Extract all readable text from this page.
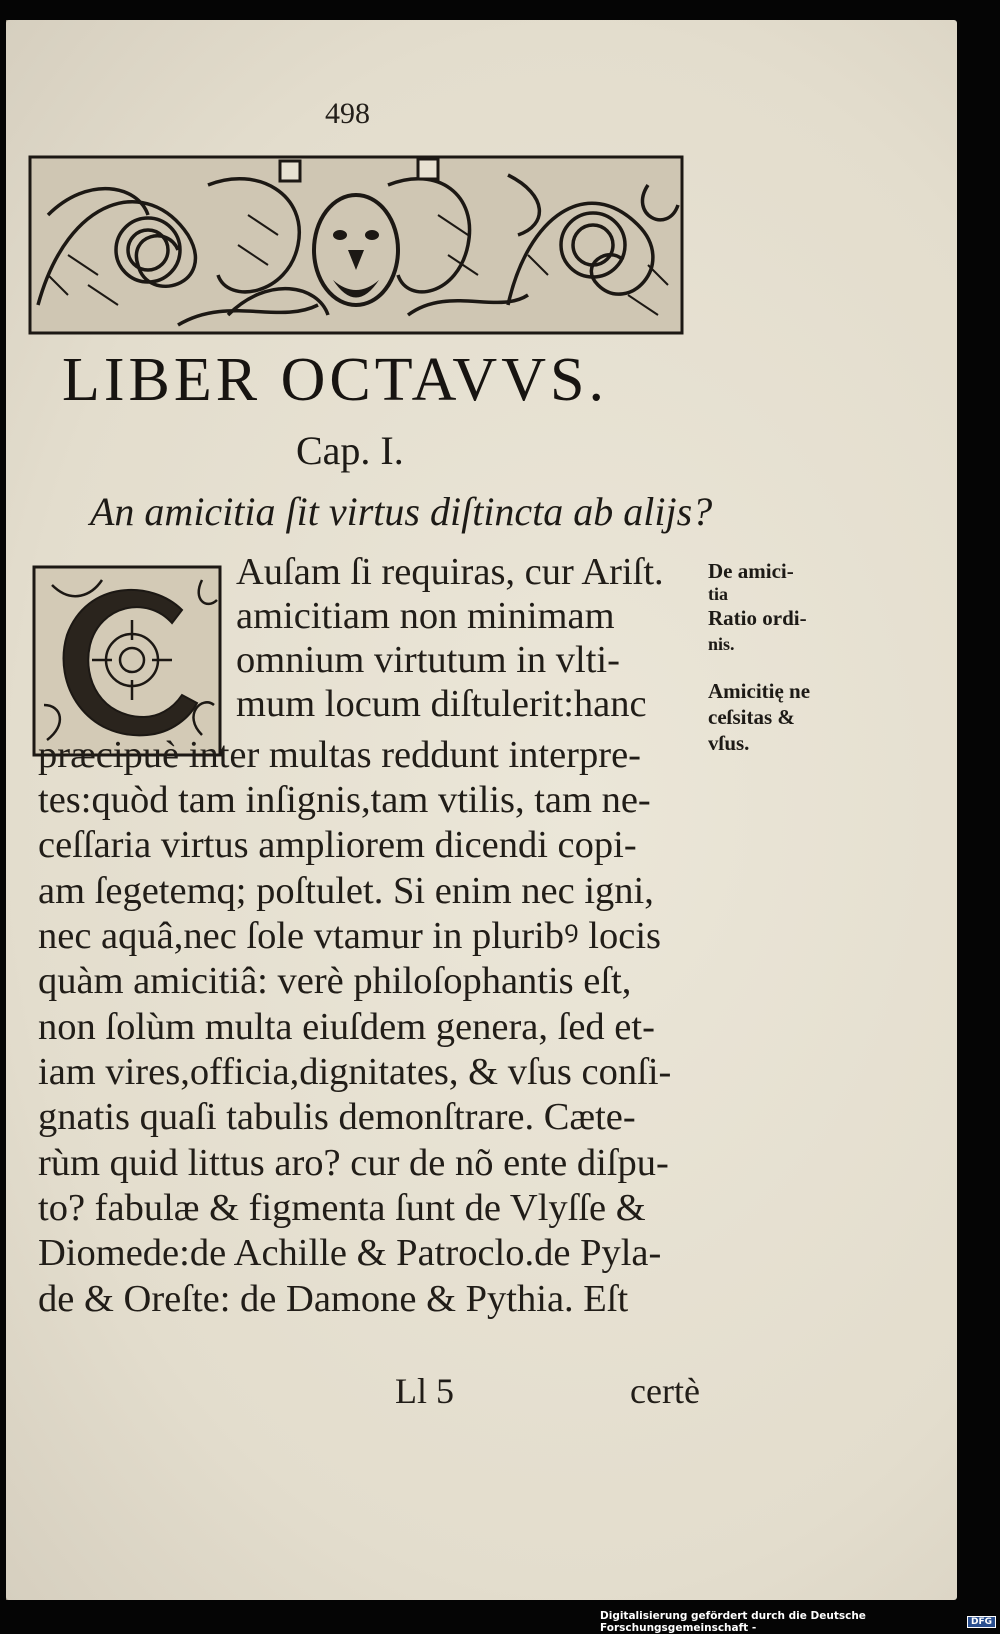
498
LIBER OCTAVVS.
Cap. I.
An amicitia ſit virtus diſtincta ab alijs?
Auſam ſi requiras, cur Ariſt.
amicitiam non minimam
omnium virtutum in vlti-
mum locum diſtulerit:hanc
præcipuè inter multas reddunt interpre-
tes:quòd tam inſignis,tam vtilis, tam ne-
ceſſaria virtus ampliorem dicendi copi-
am ſegetemq; poſtulet. Si enim nec igni,
nec aquâ,nec ſole vtamur in pluribꝰ locis
quàm amicitiâ: verè philoſophantis eſt,
non ſolùm multa eiuſdem genera, ſed et-
iam vires,officia,dignitates, & vſus conſi-
gnatis quaſi tabulis demonſtrare. Cæte-
rùm quid littus aro? cur de nõ ente diſpu-
to? fabulæ & figmenta ſunt de Vlyſſe &
Diomede:de Achille & Patroclo.de Pyla-
de & Oreſte: de Damone & Pythia. Eſt
Ll 5	certè
De amici-
tia
Ratio ordi-
nis.
Amicitię ne
ceſsitas &
vſus.
Digitalisierung gefördert durch die Deutsche Forschungsgemeinschaft -	DFG
